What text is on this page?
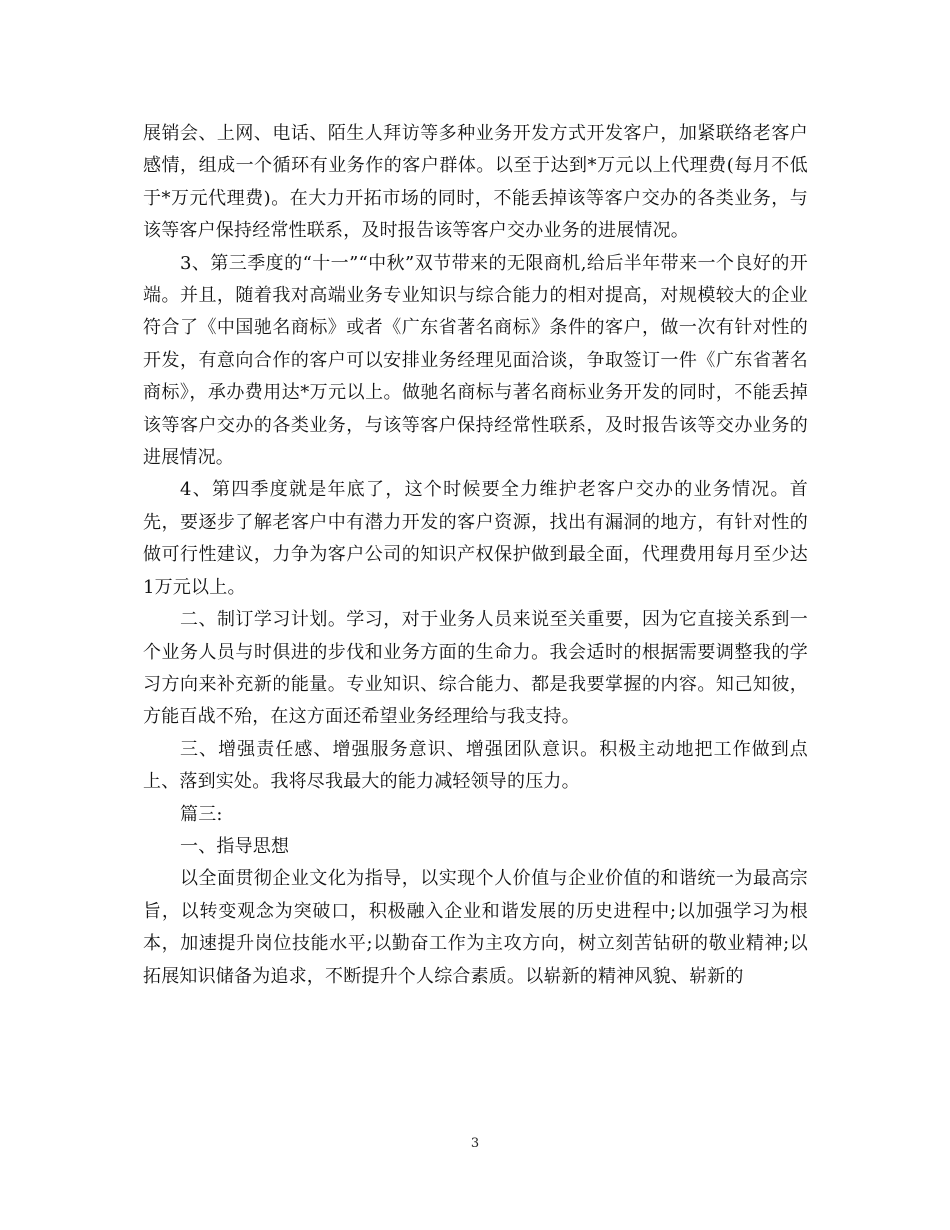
展销会、上网、电话、陌生人拜访等多种业务开发方式开发客户，加紧联络老客户感情，组成一个循环有业务作的客户群体。以至于达到*万元以上代理费(每月不低于*万元代理费)。在大力开拓市场的同时，不能丢掉该等客户交办的各类业务，与该等客户保持经常性联系，及时报告该等客户交办业务的进展情况。

3、第三季度的“十一”“中秋”双节带来的无限商机,给后半年带来一个良好的开端。并且，随着我对高端业务专业知识与综合能力的相对提高，对规模较大的企业符合了《中国驰名商标》或者《广东省著名商标》条件的客户，做一次有针对性的开发，有意向合作的客户可以安排业务经理见面洽谈，争取签订一件《广东省著名商标》，承办费用达*万元以上。做驰名商标与著名商标业务开发的同时，不能丢掉该等客户交办的各类业务，与该等客户保持经常性联系，及时报告该等交办业务的进展情况。

4、第四季度就是年底了，这个时候要全力维护老客户交办的业务情况。首先，要逐步了解老客户中有潜力开发的客户资源，找出有漏洞的地方，有针对性的做可行性建议，力争为客户公司的知识产权保护做到最全面，代理费用每月至少达1万元以上。

二、制订学习计划。学习，对于业务人员来说至关重要，因为它直接关系到一个业务人员与时俱进的步伐和业务方面的生命力。我会适时的根据需要调整我的学习方向来补充新的能量。专业知识、综合能力、都是我要掌握的内容。知己知彼，方能百战不殆，在这方面还希望业务经理给与我支持。

三、增强责任感、增强服务意识、增强团队意识。积极主动地把工作做到点上、落到实处。我将尽我最大的能力减轻领导的压力。

篇三:

一、指导思想

以全面贯彻企业文化为指导，以实现个人价值与企业价值的和谐统一为最高宗旨，以转变观念为突破口，积极融入企业和谐发展的历史进程中;以加强学习为根本，加速提升岗位技能水平;以勤奋工作为主攻方向，树立刻苦钻研的敬业精神;以拓展知识储备为追求，不断提升个人综合素质。以崭新的精神风貌、崭新的

3
